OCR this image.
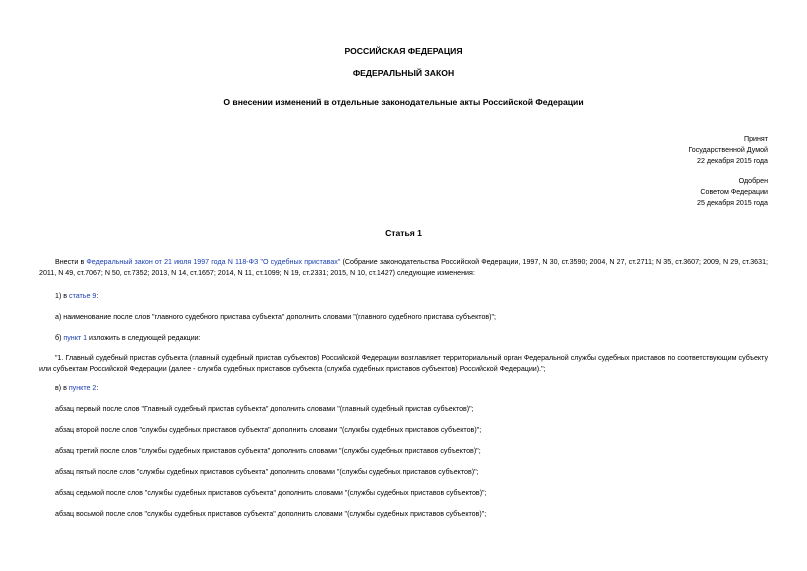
РОССИЙСКАЯ ФЕДЕРАЦИЯ
ФЕДЕРАЛЬНЫЙ ЗАКОН
О внесении изменений в отдельные законодательные акты Российской Федерации
Принят
Государственной Думой
22 декабря 2015 года
Одобрен
Советом Федерации
25 декабря 2015 года
Статья 1
Внести в Федеральный закон от 21 июля 1997 года N 118-ФЗ "О судебных приставах" (Собрание законодательства Российской Федерации, 1997, N 30, ст.3590; 2004, N 27, ст.2711; N 35, ст.3607; 2009, N 29, ст.3631; 2011, N 49, ст.7067; N 50, ст.7352; 2013, N 14, ст.1657; 2014, N 11, ст.1099; N 19, ст.2331; 2015, N 10, ст.1427) следующие изменения:
1) в статье 9:
а) наименование после слов "главного судебного пристава субъекта" дополнить словами "(главного судебного пристава субъектов)";
б) пункт 1 изложить в следующей редакции:
"1. Главный судебный пристав субъекта (главный судебный пристав субъектов) Российской Федерации возглавляет территориальный орган Федеральной службы судебных приставов по соответствующим субъекту или субъектам Российской Федерации (далее - служба судебных приставов субъекта (служба судебных приставов субъектов) Российской Федерации).";
в) в пункте 2:
абзац первый после слов "Главный судебный пристав субъекта" дополнить словами "(главный судебный пристав субъектов)";
абзац второй после слов "службы судебных приставов субъекта" дополнить словами "(службы судебных приставов субъектов)";
абзац третий после слов "службы судебных приставов субъекта" дополнить словами "(службы судебных приставов субъектов)";
абзац пятый после слов "службы судебных приставов субъекта" дополнить словами "(службы судебных приставов субъектов)";
абзац седьмой после слов "службы судебных приставов субъекта" дополнить словами "(службы судебных приставов субъектов)";
абзац восьмой после слов "службы судебных приставов субъекта" дополнить словами "(службы судебных приставов субъектов)";
